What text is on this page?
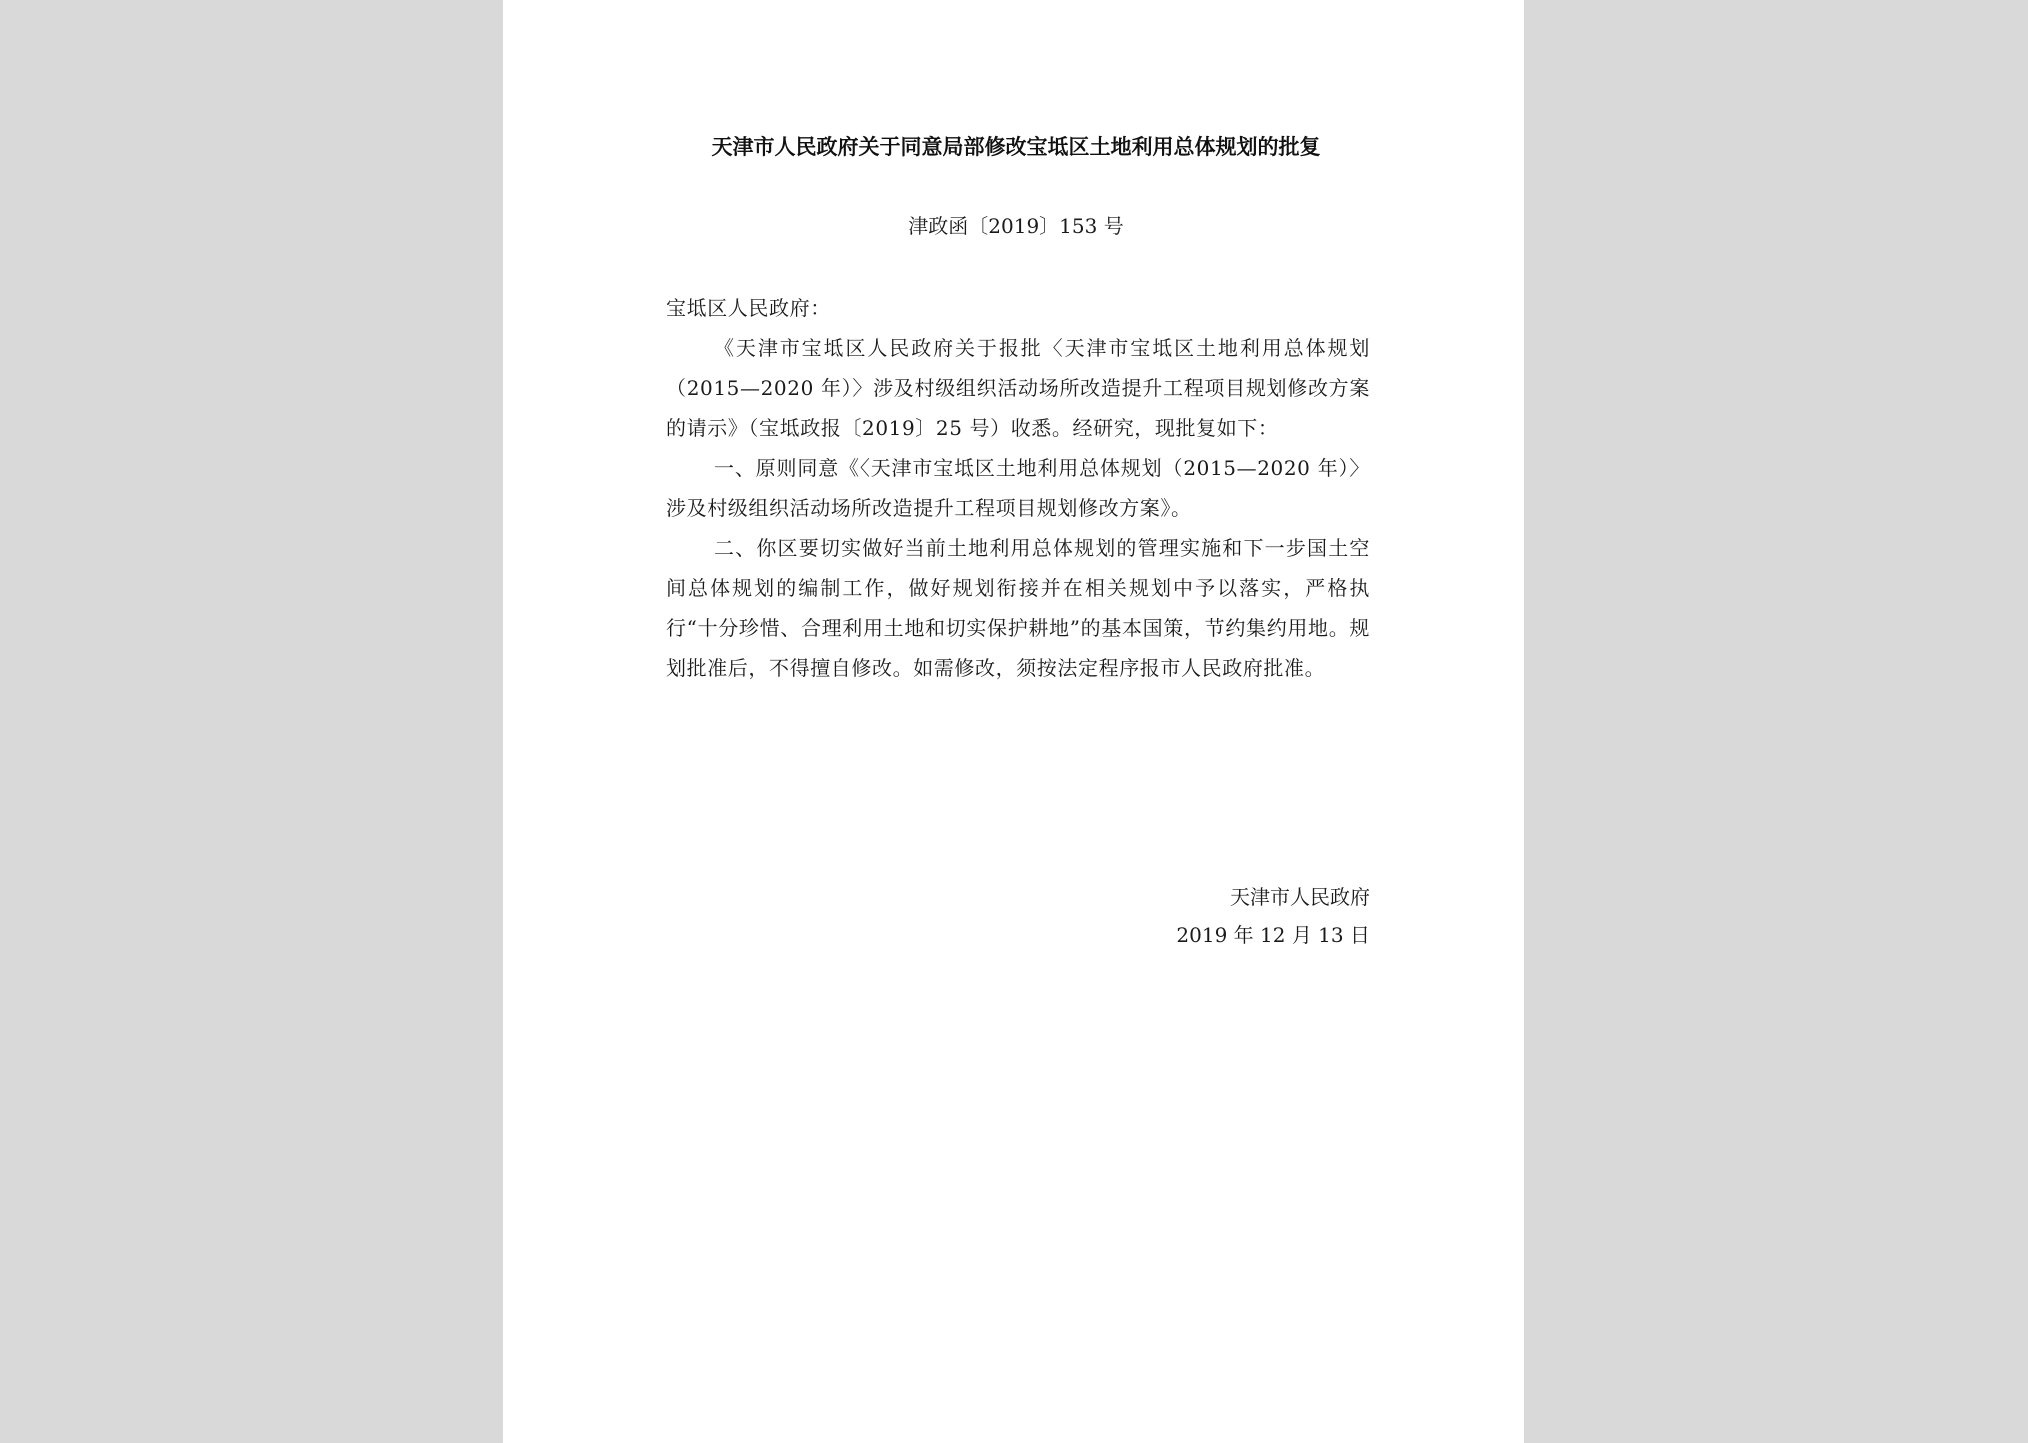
天津市人民政府关于同意局部修改宝坻区土地利用总体规划的批复
津政函〔2019〕153 号

宝坻区人民政府：

《天津市宝坻区人民政府关于报批〈天津市宝坻区土地利用总体规划（2015—2020 年）〉涉及村级组织活动场所改造提升工程项目规划修改方案的请示》（宝坻政报〔2019〕25 号）收悉。经研究，现批复如下：

一、原则同意《〈天津市宝坻区土地利用总体规划（2015—2020 年）〉涉及村级组织活动场所改造提升工程项目规划修改方案》。

二、你区要切实做好当前土地利用总体规划的管理实施和下一步国土空间总体规划的编制工作，做好规划衔接并在相关规划中予以落实，严格执行“十分珍惜、合理利用土地和切实保护耕地”的基本国策，节约集约用地。规划批准后，不得擅自修改。如需修改，须按法定程序报市人民政府批准。

天津市人民政府
2019 年 12 月 13 日
